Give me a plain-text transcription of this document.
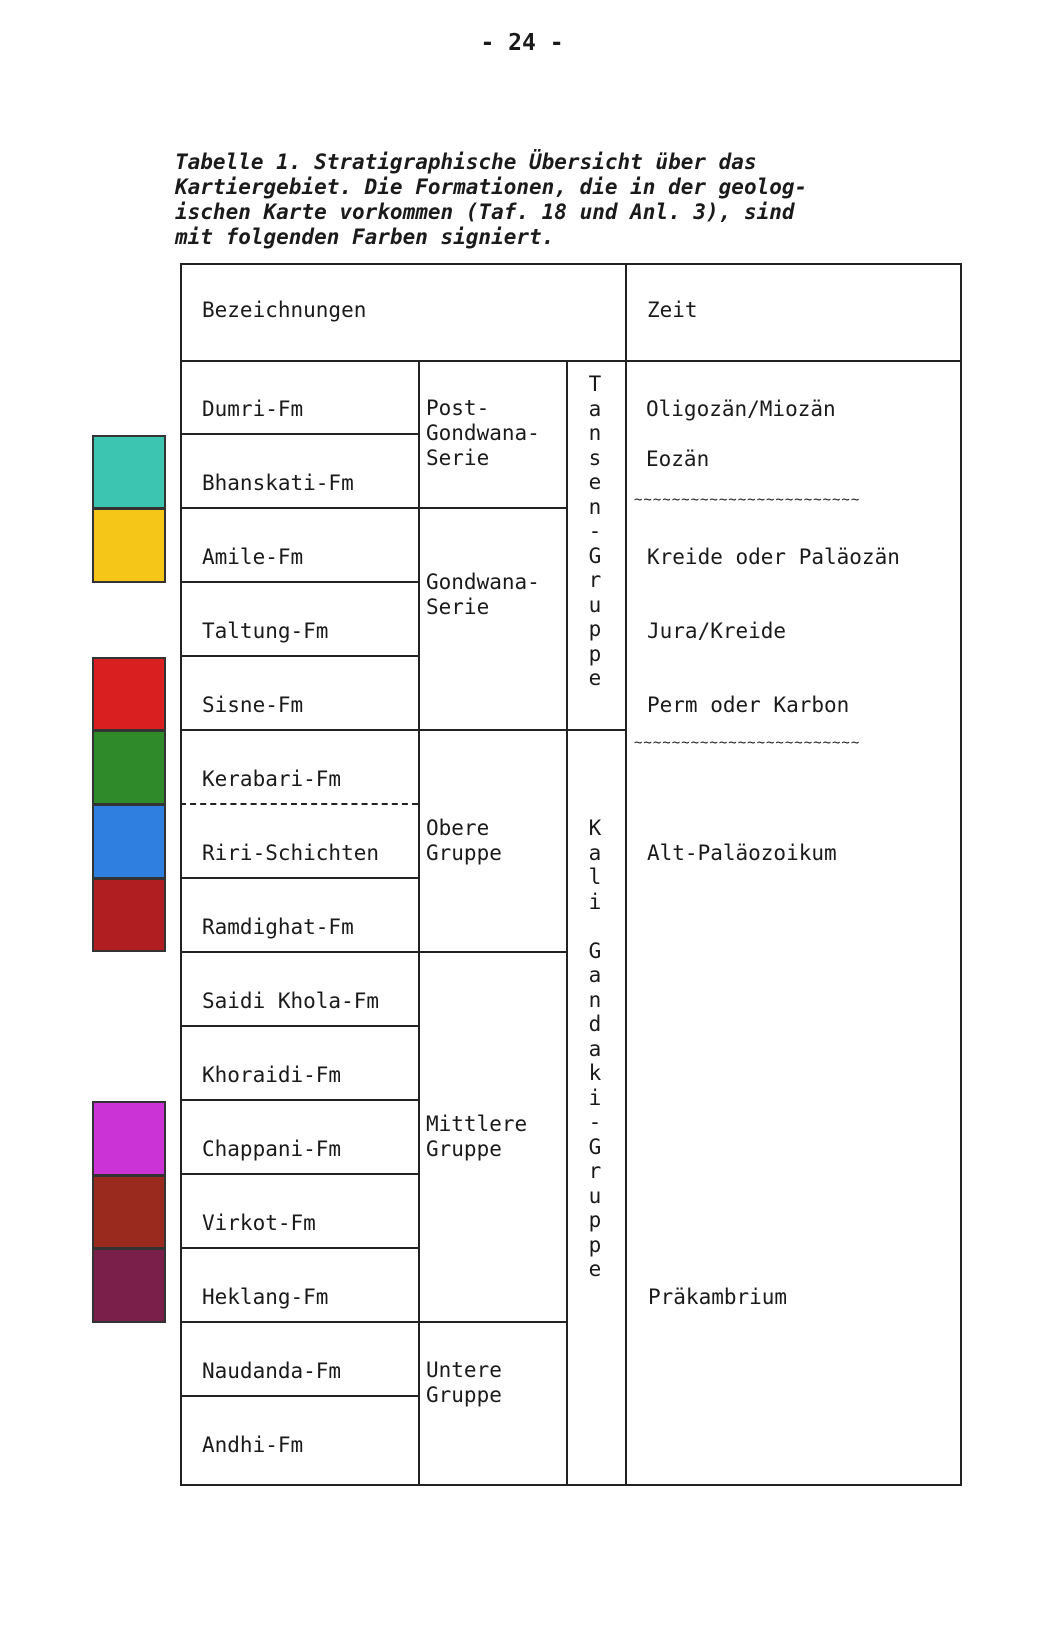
- 24 -
Tabelle 1. Stratigraphische Übersicht über das
Kartiergebiet. Die Formationen, die in der geolog-
ischen Karte vorkommen (Taf. 18 und Anl. 3), sind
mit folgenden Farben signiert.
Bezeichnungen	Zeit
Dumri-Fm
Bhanskati-Fm
Amile-Fm
Taltung-Fm
Sisne-Fm
Kerabari-Fm
Riri-Schichten
Ramdighat-Fm
Saidi Khola-Fm
Khoraidi-Fm
Chappani-Fm
Virkot-Fm
Heklang-Fm
Naudanda-Fm
Andhi-Fm
Post-
Gondwana-
Serie
Gondwana-
Serie
Obere
Gruppe
Mittlere
Gruppe
Untere
Gruppe
T
a
n
s
e
n
-
G
r
u
p
p
e
K
a
l
i

G
a
n
d
a
k
i
-
G
r
u
p
p
e
Oligozän/Miozän
Eozän
~~~~~~~~~~~~~~~~~~~~~~~~
Kreide oder Paläozän
Jura/Kreide
Perm oder Karbon
~~~~~~~~~~~~~~~~~~~~~~~~
Alt-Paläozoikum
Präkambrium
